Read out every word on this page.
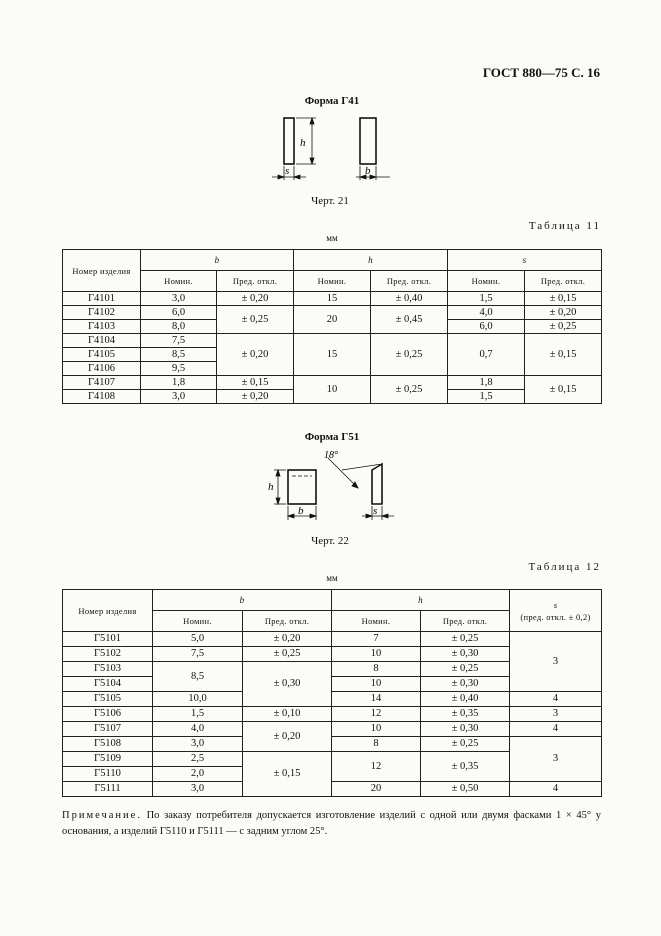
ГОСТ 880—75 С. 16
Форма Г41
h
s	b
Черт. 21
Таблица 11
мм
Номер изделия	b		h		s	
	Номин.	Пред. откл.	Номин.	Пред. откл.	Номин.	Пред. откл.
Г4101	3,0	± 0,20	15	± 0,40	1,5	± 0,15
Г4102	6,0	± 0,25	20	± 0,45	4,0	± 0,20
Г4103	8,0				6,0	± 0,25
Г4104	7,5	± 0,20	15	± 0,25	0,7	± 0,15
Г4105	8,5					
Г4106	9,5					
Г4107	1,8	± 0,15	10	± 0,25	1,8	± 0,15
Г4108	3,0	± 0,20			1,5	
Форма Г51
h
b
18°
s
Черт. 22
Таблица 12
мм
Номер изделия	b		h		s
(пред. откл. ± 0,2)

	Номин.	Пред. откл.	Номин.	Пред. откл.	
Г5101	5,0	± 0,20	7	± 0,25	3
Г5102	7,5	± 0,25	10	± 0,30	
Г5103	8,5	± 0,30	8	± 0,25	
Г5104			10	± 0,30	
Г5105	10,0		14	± 0,40	4
Г5106	1,5	± 0,10	12	± 0,35	3
Г5107	4,0	± 0,20	10	± 0,30	4
Г5108	3,0		8	± 0,25	3
Г5109	2,5	± 0,15	12	± 0,35	
Г5110	2,0				
Г5111	3,0		20	± 0,50	4
Примечание. По заказу потребителя допускается изготовление изделий с одной или двумя фасками 1 × 45° у основания, а изделий Г5110 и Г5111 — с задним углом 25°.
